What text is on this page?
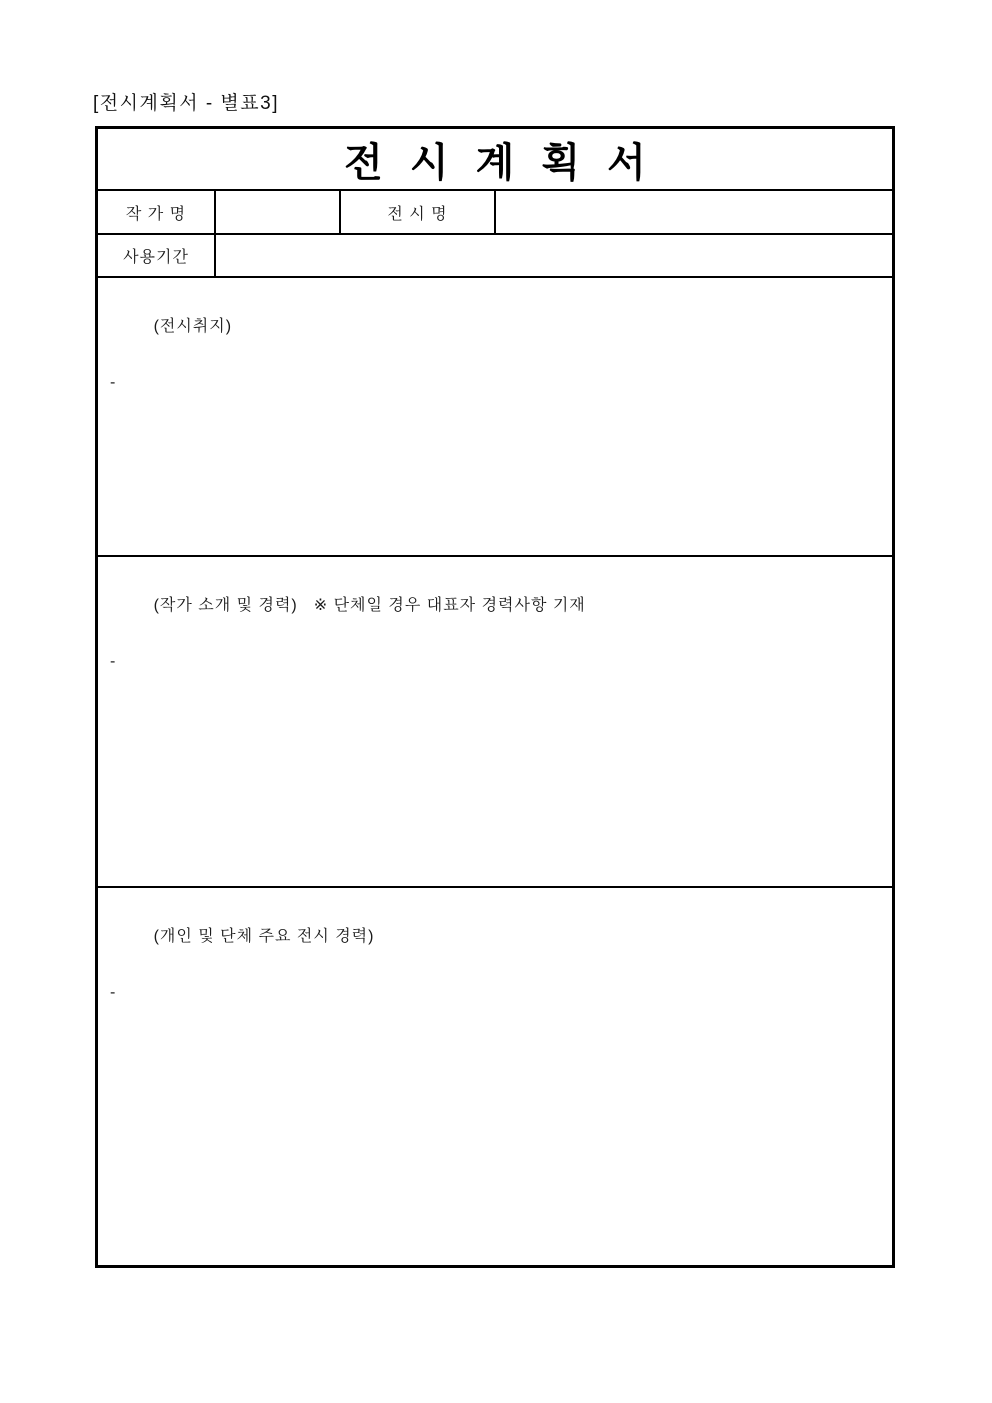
[전시계획서 - 별표3]
전 시 계 획 서
작 가 명	전 시 명
사용기간

(전시취지)

-

(작가 소개 및 경력) ※ 단체일 경우 대표자 경력사항 기재

-

(개인 및 단체 주요 전시 경력)

-
